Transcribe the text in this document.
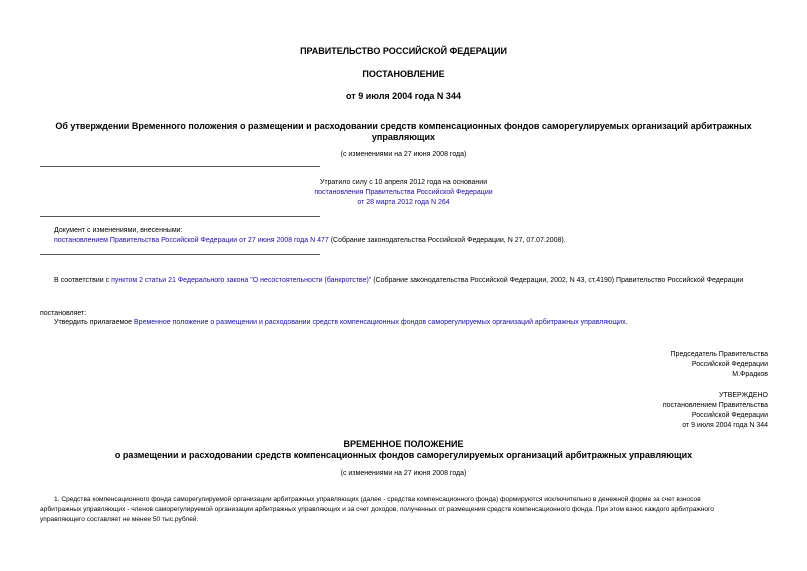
ПРАВИТЕЛЬСТВО РОССИЙСКОЙ ФЕДЕРАЦИИ
ПОСТАНОВЛЕНИЕ
от 9 июля 2004 года N 344
Об утверждении Временного положения о размещении и расходовании средств компенсационных фондов саморегулируемых организаций арбитражных
управляющих
(с изменениями на 27 июня 2008 года)
Утратило силу с 10 апреля 2012 года на основании
постановления Правительства Российской Федерации
от 28 марта 2012 года N 264
Документ с изменениями, внесенными:
постановлением Правительства Российской Федерации от 27 июня 2008 года N 477 (Собрание законодательства Российской Федерации, N 27, 07.07.2008).
В соответствии с пунктом 2 статьи 21 Федерального закона "О несостоятельности (банкротстве)" (Собрание законодательства Российской Федерации, 2002, N 43, ст.4190) Правительство Российской Федерации
постановляет:
Утвердить прилагаемое Временное положение о размещении и расходовании средств компенсационных фондов саморегулируемых организаций арбитражных управляющих.
Председатель Правительства
Российской Федерации
М.Фрадков
УТВЕРЖДЕНО
постановлением Правительства
Российской Федерации
от 9 июля 2004 года N 344
ВРЕМЕННОЕ ПОЛОЖЕНИЕ
о размещении и расходовании средств компенсационных фондов саморегулируемых организаций арбитражных управляющих
(с изменениями на 27 июня 2008 года)
1. Средства компенсационного фонда саморегулируемой организации арбитражных управляющих (далее - средства компенсационного фонда) формируются исключительно в денежной форме за счет взносов
арбитражных управляющих - членов саморегулируемой организации арбитражных управляющих и за счет доходов, полученных от размещения средств компенсационного фонда. При этом взнос каждого арбитражного
управляющего составляет не менее 50 тыс.рублей.
